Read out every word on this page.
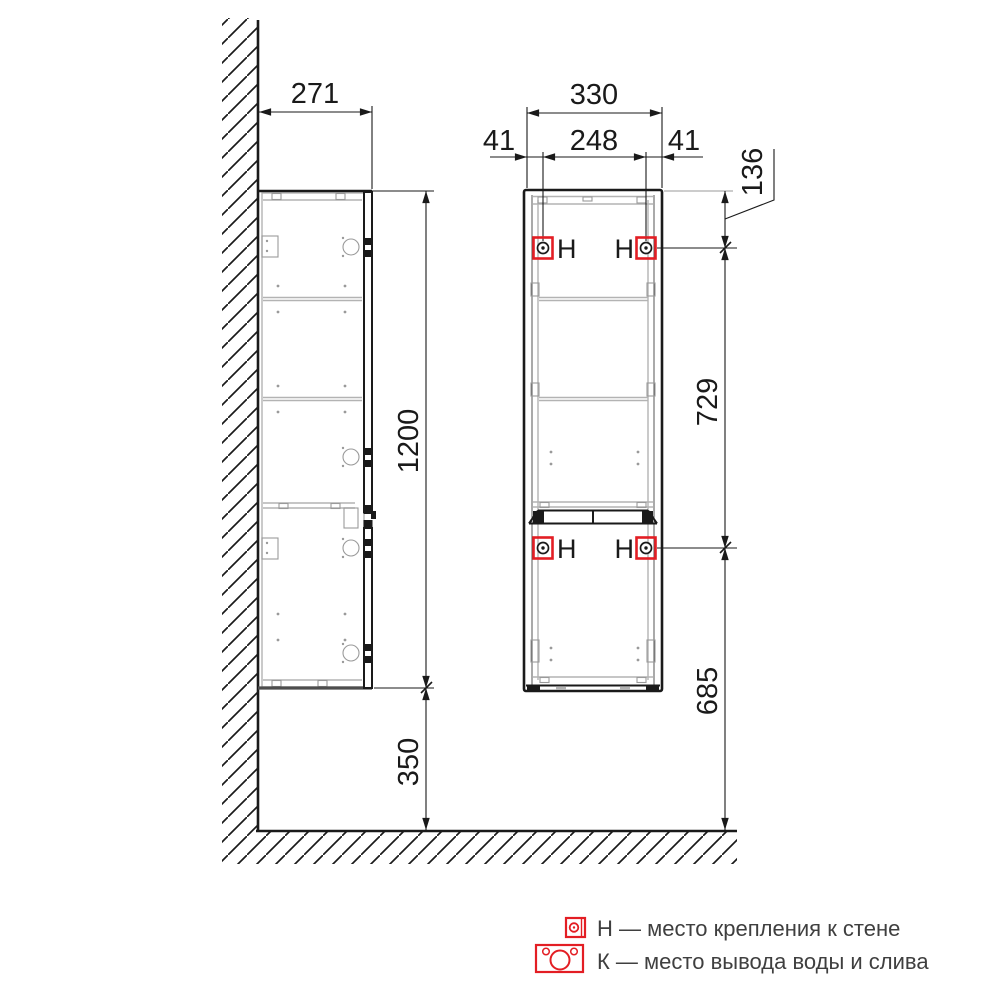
271	330
41 248 41
136
729
685
1200
350
Н Н
Н Н
Н — место крепления к стене
К — место вывода воды и слива
